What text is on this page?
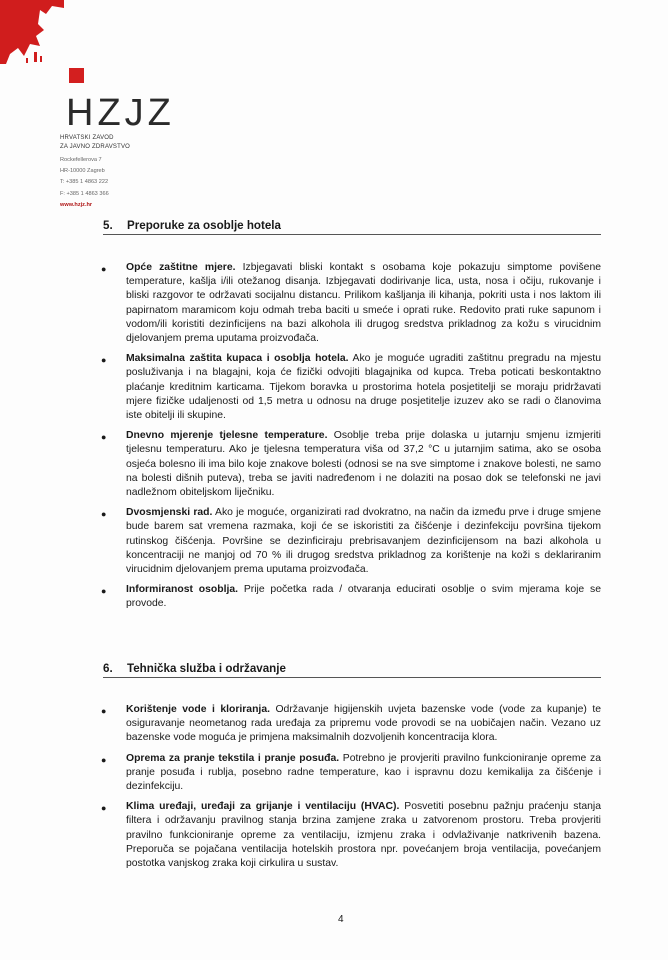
HZJZ
HRVATSKI ZAVOD
ZA JAVNO ZDRAVSTVO
Rockefellerova 7
HR-10000 Zagreb
T: +385 1 4863 222
F: +385 1 4863 366
www.hzjz.hr
5.	Preporuke za osoblje hotela
● Opće zaštitne mjere. Izbjegavati bliski kontakt s osobama koje pokazuju simptome povišene temperature, kašlja i/ili otežanog disanja. Izbjegavati dodirivanje lica, usta, nosa i očiju, rukovanje i bliski razgovor te održavati socijalnu distancu. Prilikom kašljanja ili kihanja, pokriti usta i nos laktom ili papirnatom maramicom koju odmah treba baciti u smeće i oprati ruke. Redovito prati ruke sapunom i vodom/ili koristiti dezinficijens na bazi alkohola ili drugog sredstva prikladnog za kožu s virucidnim djelovanjem prema uputama proizvođača.
● Maksimalna zaštita kupaca i osoblja hotela. Ako je moguće ugraditi zaštitnu pregradu na mjestu posluživanja i na blagajni, koja će fizički odvojiti blagajnika od kupca. Treba poticati beskontaktno plaćanje kreditnim karticama. Tijekom boravka u prostorima hotela posjetitelji se moraju pridržavati mjere fizičke udaljenosti od 1,5 metra u odnosu na druge posjetitelje izuzev ako se radi o članovima iste obitelji ili skupine.
● Dnevno mjerenje tjelesne temperature. Osoblje treba prije dolaska u jutarnju smjenu izmjeriti tjelesnu temperaturu. Ako je tjelesna temperatura viša od 37,2 °C u jutarnjim satima, ako se osoba osjeća bolesno ili ima bilo koje znakove bolesti (odnosi se na sve simptome i znakove bolesti, ne samo na bolesti dišnih puteva), treba se javiti nadređenom i ne dolaziti na posao dok se telefonski ne javi nadležnom obiteljskom liječniku.
● Dvosmjenski rad. Ako je moguće, organizirati rad dvokratno, na način da između prve i druge smjene bude barem sat vremena razmaka, koji će se iskoristiti za čišćenje i dezinfekciju površina tijekom rutinskog čišćenja. Površine se dezinficiraju prebrisavanjem dezinficijensom na bazi alkohola u koncentraciji ne manjoj od 70 % ili drugog sredstva prikladnog za korištenje na koži s deklariranim virucidnim djelovanjem prema uputama proizvođača.
● Informiranost osoblja. Prije početka rada / otvaranja educirati osoblje o svim mjerama koje se provode.
6.	Tehnička služba i održavanje
● Korištenje vode i kloriranja. Održavanje higijenskih uvjeta bazenske vode (vode za kupanje) te osiguravanje neometanog rada uređaja za pripremu vode provodi se na uobičajen način. Vezano uz bazenske vode moguća je primjena maksimalnih dozvoljenih koncentracija klora.
● Oprema za pranje tekstila i pranje posuđa. Potrebno je provjeriti pravilno funkcioniranje opreme za pranje posuđa i rublja, posebno radne temperature, kao i ispravnu dozu kemikalija za čišćenje i dezinfekciju.
● Klima uređaji, uređaji za grijanje i ventilaciju (HVAC). Posvetiti posebnu pažnju praćenju stanja filtera i održavanju pravilnog stanja brzina zamjene zraka u zatvorenom prostoru. Treba provjeriti pravilno funkcioniranje opreme za ventilaciju, izmjenu zraka i odvlaživanje natkrivenih bazena. Preporuča se pojačana ventilacija hotelskih prostora npr. povećanjem broja ventilacija, povećanjem postotka vanjskog zraka koji cirkulira u sustav.
4
